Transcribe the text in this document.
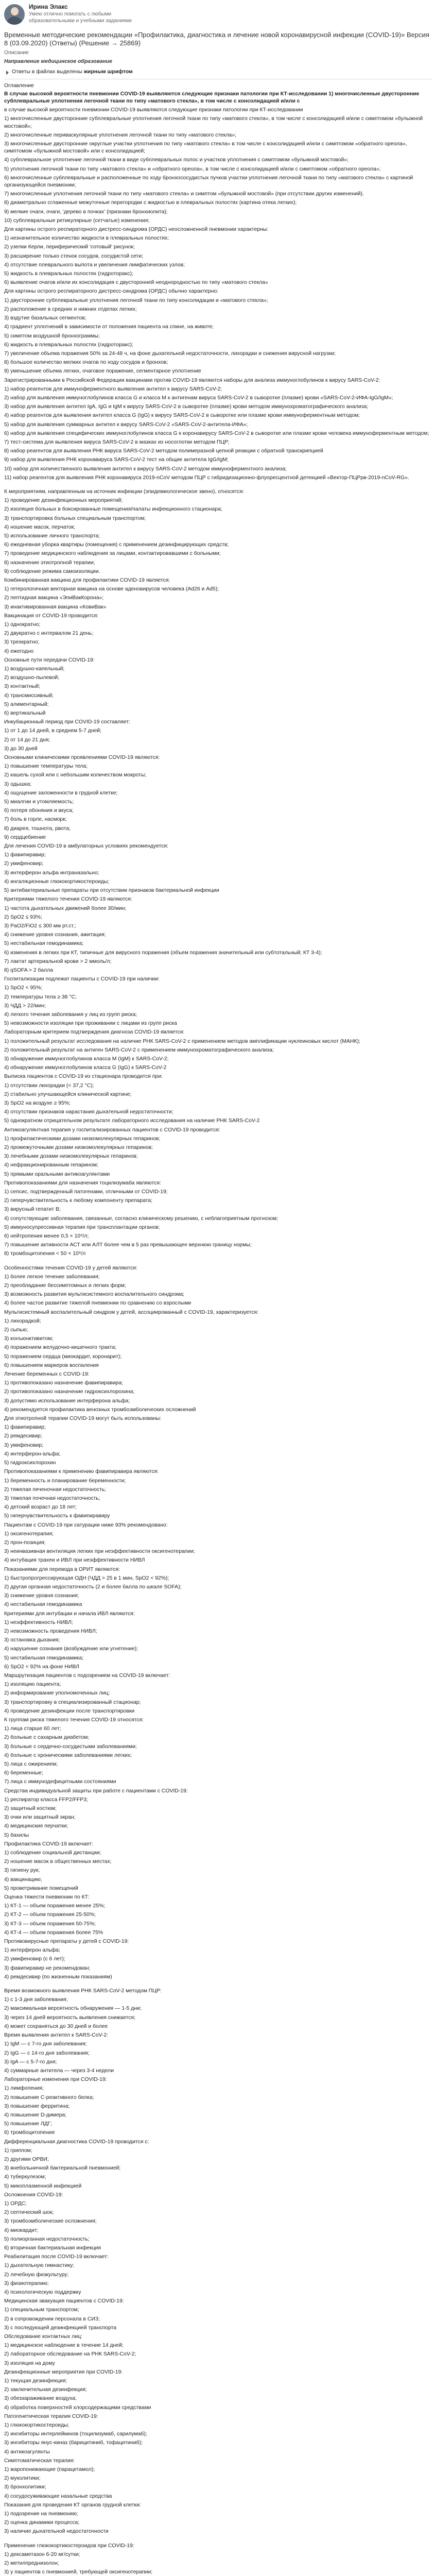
Ирина Элакс
Умею отлично помогать с любыми образовательными и учебными заданиями
Временные методические рекомендации «Профилактика, диагностика и лечение новой коронавирусной инфекции (COVID-19)» Версия 8 (03.09.2020) (Ответы) (Решение → 25869)
Описание
Направление медицинское образование
Ответы в файлах выделены жирным шрифтом

Оглавление

В случае высокой вероятности пневмонии COVID-19 выявляются следующие признаки патологии при КТ-исследовании 1) многочисленные двусторонние субплевральные уплотнения легочной ткани по типу «матового стекла», в том числе с консолидацией и/или с

в случае высокой вероятности пневмонии COVID-19 выявляются следующие признаки патологии при КТ-исследовании

1) многочисленные двусторонние субплевральные уплотнения легочной ткани по типу «матового стекла», в том числе с консолидацией и/или с симптомом «булыжной мостовой»;

2) многочисленные периваскулярные уплотнения легочной ткани по типу «матового стекла»;

3) многочисленные двусторонние округлые участки уплотнения по типу «матового стекла» в том числе с консолидацией и/или с симптомом «обратного ореола», симптомом «булыжной мостовой» или с консолидацией;

4) субплевральное уплотнение легочной ткани в виде субплевральных полос и участков уплотнения с симптомом «булыжной мостовой»;

5) уплотнения легочной ткани по типу «матового стекла» и «обратного ореола», в том числе с консолидацией и/или с симптомом «обратного ореола»;

6) многочисленные субплевральные и расположенные по ходу бронхососудистых пучков участки уплотнения легочной ткани по типу «матового стекла» с картиной организующейся пневмонии;

7) многочисленные уплотнения легочной ткани по типу «матового стекла» и симптом «булыжной мостовой» (при отсутствии других изменений).

8) диаметрально сглаженные межуточные перегородки с жидкостью в плевральных полостях (картина отека легких);

9) мелкие очаги, очаги, 'дерево в почках' (признаки бронхиолита);

10) субплевральные ретикулярные (сетчатые) изменения;

Для картины острого респираторного дистресс-синдрома (ОРДС) неосложненной пневмонии характерны:

1) незначительное количество жидкости в плевральных полостях;

2) узелки Керли, периферический 'сотовый' рисунок;

3) расширение только стенок сосудов, сосудистой сети;

4) отсутствие плеврального выпота и увеличения лимфатических узлов;

5) жидкость в плевральных полостях (гидроторакс);

6) выявление очагов и/или их консолидация с двусторонней неоднородностью по типу «матового стекла»

Для картины острого респираторного дистресс-синдрома (ОРДС) обычно характерно:

1) двусторонние субплевральные уплотнения легочной ткани по типу консолидации и «матового стекла»;

2) расположение в средних и нижних отделах легких;

3) вздутие базальных сегментов;

4) градиент уплотнений в зависимости от положения пациента на спине, на животе;

5) симптом воздушной бронхограммы;

6) жидкость в плевральных полостях (гидроторакс);

7) увеличение объема поражения 50% за 24-48 ч, на фоне дыхательной недостаточности, лихорадки и снижения вирусной нагрузки;

8) большое количество мелких очагов по ходу сосудов и бронхов;

9) уменьшение объема легких, очаговое поражение, сегментарное уплотнение

Зарегистрированными в Российской Федерации вакцинами против COVID-19 являются наборы для анализа иммуноглобулинов к вирусу SARS-CoV-2:

1) набор реагентов для иммуноферментного выявления антител к вирусу SARS-CoV-2;

2) набор для выявления иммуноглобулинов класса G и класса M к антигенам вируса SARS-CoV-2 в сыворотке (плазме) крови «SARS-CoV-2-ИФА-IgG/IgM»;

3) набор для выявления антител IgA, IgG и IgM к вирусу SARS-CoV-2 в сыворотке (плазме) крови методом иммунохроматографического анализа;

4) набор реагентов для выявления антител класса G (IgG) к вирусу SARS-CoV-2 в сыворотке или плазме крови иммуноферментным методом;

5) набор для выявления суммарных антител к вирусу SARS-CoV-2 «SARS-CoV-2-антитела-ИФА»;

6) набор для выявления специфических иммуноглобулинов класса G к коронавирусу SARS-CoV-2 в сыворотке или плазме крови человека иммуноферментным методом;

7) тест-система для выявления вируса SARS-CoV-2 в мазках из носоглотки методом ПЦР;

8) набор реагентов для выявления РНК вируса SARS-CoV-2 методом полимеразной цепной реакции с обратной транскрипцией

9) набор для выявления РНК коронавируса SARS-CoV-2 тест на общие антитела IgG/IgM;

10) набор для количественного выявления антител к вирусу SARS-CoV-2 методом иммуноферментного анализа;

11) набор реагентов для выявления РНК коронавируса 2019-nCoV методом ПЦР с гибридизационно-флуоресцентной детекцией «Вектор-ПЦРрв-2019-nCoV-RG».

К мероприятиям, направленным на источник инфекции (эпидемиологическое звено), относятся:

1) проведение дезинфекционных мероприятий;

2) изоляция больных в боксированные помещения/палаты инфекционного стационара;

3) транспортировка больных специальным транспортом;

4) ношение масок, перчаток;

5) использование личного транспорта;

6) ежедневная уборка квартиры (помещения) с применением дезинфицирующих средств;

7) проведение медицинского наблюдения за лицами, контактировавшими с больными;

8) назначение этиотропной терапии;

9) соблюдение режима самоизоляции.

Комбинированная вакцина для профилактики COVID-19 является:

1) гетерологичная векторная вакцина на основе аденовирусов человека (Ad26 и Ad5);

2) пептидная вакцина «ЭпиВакКорона»;

3) инактивированная вакцина «КовиВак»

Вакцинация от COVID-19 проводится:

1) однократно;

2) двукратно с интервалом 21 день;

3) трехкратно;

4) ежегодно

Основные пути передачи COVID-19:

1) воздушно-капельный;

2) воздушно-пылевой;

3) контактный;

4) трансмиссивный;

5) алиментарный;

6) вертикальный

Инкубационный период при COVID-19 составляет:

1) от 1 до 14 дней, в среднем 5-7 дней;

2) от 14 до 21 дня;

3) до 30 дней

Основными клиническими проявлениями COVID-19 являются:

1) повышение температуры тела;

2) кашель сухой или с небольшим количеством мокроты;

3) одышка;

4) ощущение заложенности в грудной клетке;

5) миалгии и утомляемость;

6) потеря обоняния и вкуса;

7) боль в горле, насморк;

8) диарея, тошнота, рвота;

9) сердцебиение

Для лечения COVID-19 в амбулаторных условиях рекомендуется:

1) фавипиравир;

2) умифеновир;

3) интерферон альфа интраназально;

4) ингаляционные глюкокортикостероиды;

5) антибактериальные препараты при отсутствии признаков бактериальной инфекции

Критериями тяжелого течения COVID-19 являются:

1) частота дыхательных движений более 30/мин;

2) SpO2 ≤ 93%;

3) PaO2/FiO2 ≤ 300 мм рт.ст.;

4) снижение уровня сознания, ажитация;

5) нестабильная гемодинамика;

6) изменения в легких при КТ, типичные для вирусного поражения (объем поражения значительный или субтотальный; КТ 3-4);

7) лактат артериальной крови > 2 ммоль/л;

8) qSOFA > 2 балла

Госпитализации подлежат пациенты с COVID-19 при наличии:

1) SpO2 < 95%;

2) температуры тела ≥ 38 °С;

3) ЧДД > 22/мин;

4) легкого течения заболевания у лиц из групп риска;

5) невозможности изоляции при проживании с лицами из групп риска

Лабораторным критерием подтверждения диагноза COVID-19 является:

1) положительный результат исследования на наличие РНК SARS-CoV-2 с применением методов амплификации нуклеиновых кислот (МАНК);

2) положительный результат на антиген SARS-CoV-2 с применением иммунохроматографического анализа;

3) обнаружение иммуноглобулинов класса M (IgM) к SARS-CoV-2;

4) обнаружение иммуноглобулинов класса G (IgG) к SARS-CoV-2

Выписка пациентов с COVID-19 из стационара проводится при:

1) отсутствии лихорадки (< 37,2 °С);

2) стабильно улучшающейся клинической картине;

3) SpO2 на воздухе ≥ 95%;

4) отсутствии признаков нарастания дыхательной недостаточности;

5) однократном отрицательном результате лабораторного исследования на наличие РНК SARS-CoV-2

Антикоагулянтная терапия у госпитализированных пациентов с COVID-19 проводится:

1) профилактическими дозами низкомолекулярных гепаринов;

2) промежуточными дозами низкомолекулярных гепаринов;

3) лечебными дозами низкомолекулярных гепаринов;

4) нефракционированным гепарином;

5) прямыми оральными антикоагулянтами

Противопоказаниями для назначения тоцилизумаба являются:

1) сепсис, подтвержденный патогенами, отличными от COVID-19;

2) гиперчувствительность к любому компоненту препарата;

3) вирусный гепатит B;

4) сопутствующие заболевания, связанные, согласно клиническому решению, с неблагоприятным прогнозом;

5) иммуносупрессивная терапия при трансплантации органов;

6) нейтропения менее 0,5 × 10⁹/л;

7) повышение активности АСТ или АЛТ более чем в 5 раз превышающее верхнюю границу нормы;

8) тромбоцитопения < 50 × 10⁹/л

Особенностями течения COVID-19 у детей являются:

1) более легкое течение заболевания;

2) преобладание бессимптомных и легких форм;

3) возможность развития мультисистемного воспалительного синдрома;

4) более частое развитие тяжелой пневмонии по сравнению со взрослыми

Мультисистемный воспалительный синдром у детей, ассоциированный с COVID-19, характеризуется:

1) лихорадкой;

2) сыпью;

3) конъюнктивитом;

4) поражением желудочно-кишечного тракта;

5) поражением сердца (миокардит, коронарит);

6) повышением маркеров воспаления

Лечение беременных с COVID-19:

1) противопоказано назначение фавипиравира;

2) противопоказано назначение гидроксихлорохина;

3) допустимо использование интерферона альфа;

4) рекомендуется профилактика венозных тромбоэмболических осложнений

Для этиотропной терапии COVID-19 могут быть использованы:

1) фавипиравир;

2) ремдесивир;

3) умифеновир;

4) интерферон-альфа;

5) гидроксихлорохин

Противопоказаниями к применению фавипиравира являются:

1) беременность и планирование беременности;

2) тяжелая печеночная недостаточность;

3) тяжелая почечная недостаточность;

4) детский возраст до 18 лет;

5) гиперчувствительность к фавипиравиру

Пациентам с COVID-19 при сатурации ниже 93% рекомендовано:

1) оксигенотерапия;

2) прон-позиция;

3) неинвазивная вентиляция легких при неэффективности оксигенотерапии;

4) интубация трахеи и ИВЛ при неэффективности НИВЛ

Показаниями для перевода в ОРИТ являются:

1) быстропрогрессирующая ОДН (ЧДД > 25 в 1 мин, SpO2 < 92%);

2) другая органная недостаточность (2 и более балла по шкале SOFA);

3) снижение уровня сознания;

4) нестабильная гемодинамика

Критериями для интубации и начала ИВЛ являются:

1) неэффективность НИВЛ;

2) невозможность проведения НИВЛ;

3) остановка дыхания;

4) нарушение сознания (возбуждение или угнетение);

5) нестабильная гемодинамика;

6) SpO2 < 92% на фоне НИВЛ

Маршрутизация пациентов с подозрением на COVID-19 включает:

1) изоляцию пациента;

2) информирование уполномоченных лиц;

3) транспортировку в специализированный стационар;

4) проведение дезинфекции после транспортировки

К группам риска тяжелого течения COVID-19 относятся:

1) лица старше 60 лет;

2) больные с сахарным диабетом;

3) больные с сердечно-сосудистыми заболеваниями;

4) больные с хроническими заболеваниями легких;

5) лица с ожирением;

6) беременные;

7) лица с иммунодефицитными состояниями

Средства индивидуальной защиты при работе с пациентами с COVID-19:

1) респиратор класса FFP2/FFP3;

2) защитный костюм;

3) очки или защитный экран;

4) медицинские перчатки;

5) бахилы

Профилактика COVID-19 включает:

1) соблюдение социальной дистанции;

2) ношение масок в общественных местах;

3) гигиену рук;

4) вакцинацию;

5) проветривание помещений

Оценка тяжести пневмонии по КТ:

1) КТ-1 — объем поражения менее 25%;

2) КТ-2 — объем поражения 25-50%;

3) КТ-3 — объем поражения 50-75%;

4) КТ-4 — объем поражения более 75%

Противовирусные препараты у детей с COVID-19:

1) интерферон альфа;

2) умифеновир (с 6 лет);

3) фавипиравир не рекомендован;

4) ремдесивир (по жизненным показаниям)

Время возможного выявления РНК SARS-CoV-2 методом ПЦР:

1) с 1-3 дня заболевания;

2) максимальная вероятность обнаружения — 1-5 дни;

3) через 14 дней вероятность выявления снижается;

4) может сохраняться до 30 дней и более

Время выявления антител к SARS-CoV-2:

1) IgM — с 7-го дня заболевания;

2) IgG — с 14-го дня заболевания;

3) IgA — с 5-7-го дня;

4) суммарные антитела — через 3-4 недели

Лабораторные изменения при COVID-19:

1) лимфопения;

2) повышение С-реактивного белка;

3) повышение ферритина;

4) повышение D-димера;

5) повышение ЛДГ;

6) тромбоцитопения

Дифференциальная диагностика COVID-19 проводится с:

1) гриппом;

2) другими ОРВИ;

3) внебольничной бактериальной пневмонией;

4) туберкулезом;

5) микоплазменной инфекцией

Осложнения COVID-19:

1) ОРДС;

2) септический шок;

3) тромбоэмболические осложнения;

4) миокардит;

5) полиорганная недостаточность;

6) вторичная бактериальная инфекция

Реабилитация после COVID-19 включает:

1) дыхательную гимнастику;

2) лечебную физкультуру;

3) физиотерапию;

4) психологическую поддержку

Медицинская эвакуация пациентов с COVID-19:

1) специальным транспортом;

2) в сопровождении персонала в СИЗ;

3) с последующей дезинфекцией транспорта

Обследование контактных лиц:

1) медицинское наблюдение в течение 14 дней;

2) лабораторное обследование на РНК SARS-CoV-2;

3) изоляция на дому

Дезинфекционные мероприятия при COVID-19:

1) текущая дезинфекция;

2) заключительная дезинфекция;

3) обеззараживание воздуха;

4) обработка поверхностей хлорсодержащими средствами

Патогенетическая терапия COVID-19:

1) глюкокортикостероиды;

2) ингибиторы интерлейкинов (тоцилизумаб, сарилумаб);

3) ингибиторы янус-киназ (барицитиниб, тофацитиниб);

4) антикоагулянты

Симптоматическая терапия:

1) жаропонижающие (парацетамол);

2) муколитики;

3) бронхолитики;

4) сосудосуживающие назальные средства

Показания для проведения КТ органов грудной клетки:

1) подозрение на пневмонию;

2) оценка динамики процесса;

3) наличие дыхательной недостаточности

Применение глюкокортикостероидов при COVID-19:

1) дексаметазон 6-20 мг/сутки;

2) метилпреднизолон;

3) у пациентов с пневмонией, требующей оксигенотерапии;
